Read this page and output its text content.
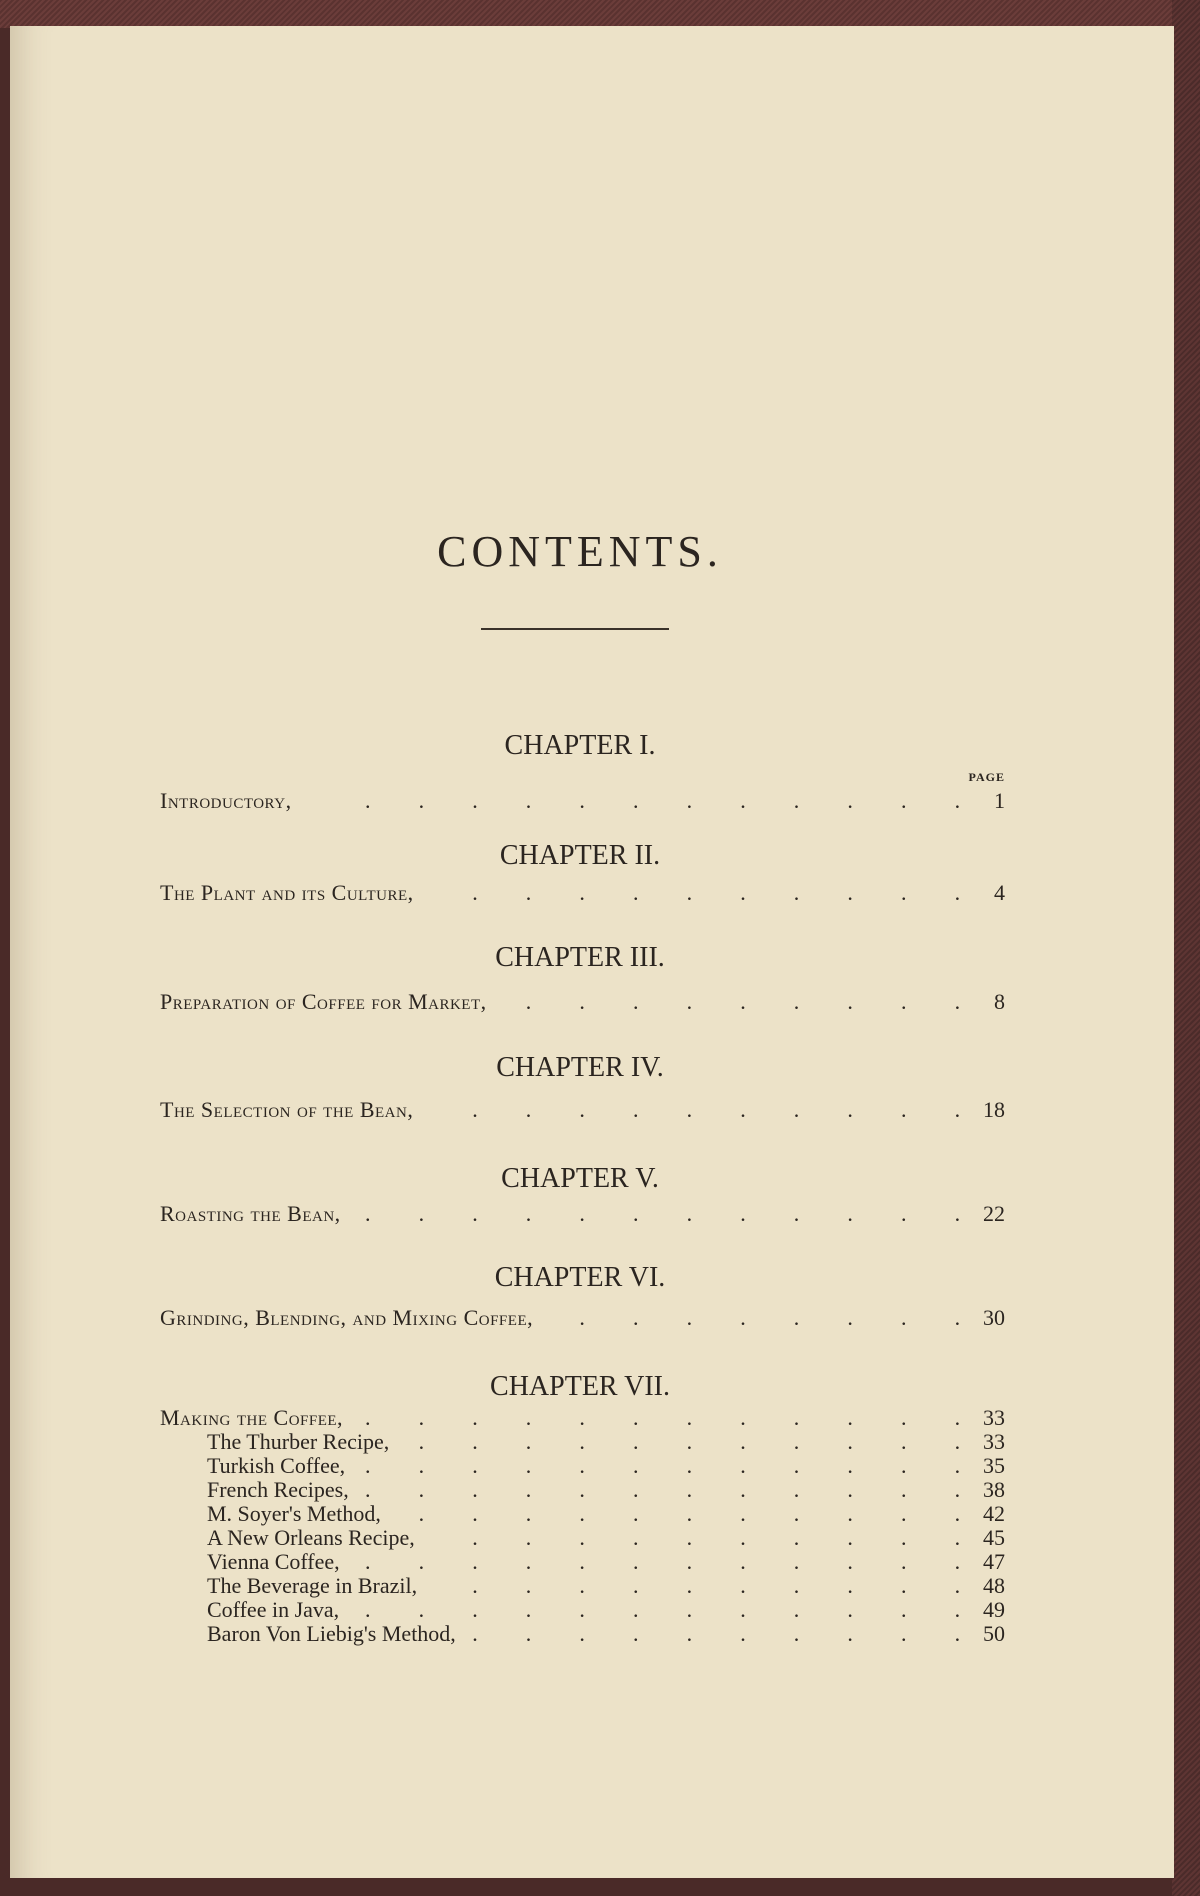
CONTENTS.
PAGE
CHAPTER I.
Introductory,	1
. . . . . . . . . . . .
CHAPTER II.
The Plant and its Culture,	4
. . . . . . . . . .
CHAPTER III.
Preparation of Coffee for Market,	8
. . . . . . . . .
CHAPTER IV.
The Selection of the Bean,	18
. . . . . . . . . .
CHAPTER V.
Roasting the Bean,	22
. . . . . . . . . . . .
CHAPTER VI.
Grinding, Blending, and Mixing Coffee,	30
. . . . . . . .
CHAPTER VII.
Making the Coffee,	33
. . . . . . . . . . . .
The Thurber Recipe,	33
. . . . . . . . . . .
Turkish Coffee,	35
. . . . . . . . . . . .
French Recipes,	38
. . . . . . . . . . . .
M. Soyer's Method,	42
. . . . . . . . . . .
A New Orleans Recipe,	45
. . . . . . . . . .
Vienna Coffee,	47
. . . . . . . . . . . .
The Beverage in Brazil,	48
. . . . . . . . . .
Coffee in Java,	49
. . . . . . . . . . . .
Baron Von Liebig's Method,	50
. . . . . . . . . .
